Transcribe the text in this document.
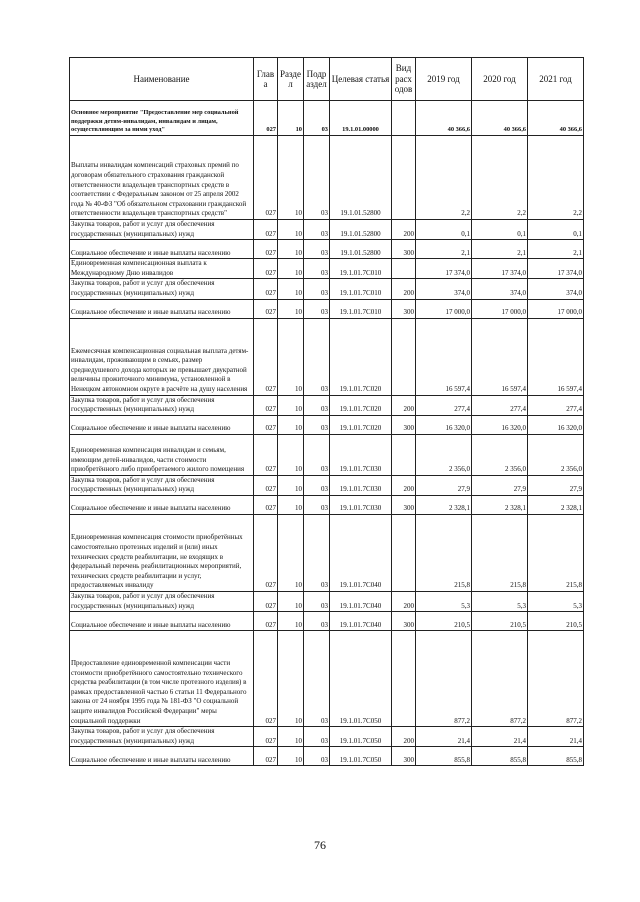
Наименование	Глав а	Разде л	Подр аздел	Целевая статья	Вид расх одов	2019 год	2020 год	2021 год
Основное мероприятие "Предоставление мер социальной поддержки детям-инвалидам, инвалидам и лицам, осуществляющим за ними уход"	027	10	03	19.1.01.00000		40 366,6	40 366,6	40 366,6
Выплаты инвалидам компенсаций страховых премий по договорам обязательного страхования гражданской ответственности владельцев транспортных средств в соответствии с Федеральным законом от 25 апреля 2002 года № 40-ФЗ "Об обязательном страховании гражданской ответственности владельцев транспортных средств"	027	10	03	19.1.01.52800		2,2	2,2	2,2
Закупка товаров, работ и услуг для обеспечения государственных (муниципальных) нужд	027	10	03	19.1.01.52800	200	0,1	0,1	0,1
Социальное обеспечение и иные выплаты населению	027	10	03	19.1.01.52800	300	2,1	2,1	2,1
Единовременная компенсационная выплата к Международному Дню инвалидов	027	10	03	19.1.01.7С010		17 374,0	17 374,0	17 374,0
Закупка товаров, работ и услуг для обеспечения государственных (муниципальных) нужд	027	10	03	19.1.01.7С010	200	374,0	374,0	374,0
Социальное обеспечение и иные выплаты населению	027	10	03	19.1.01.7С010	300	17 000,0	17 000,0	17 000,0
Ежемесячная компенсационная социальная выплата детям-инвалидам, проживающим в семьях, размер среднедушевого дохода которых не превышает двукратной величины прожиточного минимума, установленной в Ненецком автономном округе в расчёте на душу населения	027	10	03	19.1.01.7С020		16 597,4	16 597,4	16 597,4
Закупка товаров, работ и услуг для обеспечения государственных (муниципальных) нужд	027	10	03	19.1.01.7С020	200	277,4	277,4	277,4
Социальное обеспечение и иные выплаты населению	027	10	03	19.1.01.7С020	300	16 320,0	16 320,0	16 320,0
Единовременная компенсация инвалидам и семьям, имеющим детей-инвалидов, части стоимости приобретённого либо приобретаемого жилого помещения	027	10	03	19.1.01.7С030		2 356,0	2 356,0	2 356,0
Закупка товаров, работ и услуг для обеспечения государственных (муниципальных) нужд	027	10	03	19.1.01.7С030	200	27,9	27,9	27,9
Социальное обеспечение и иные выплаты населению	027	10	03	19.1.01.7С030	300	2 328,1	2 328,1	2 328,1
Единовременная компенсация стоимости приобретённых самостоятельно протезных изделий и (или) иных технических средств реабилитации, не входящих в федеральный перечень реабилитационных мероприятий, технических средств реабилитации и услуг, предоставляемых инвалиду	027	10	03	19.1.01.7С040		215,8	215,8	215,8
Закупка товаров, работ и услуг для обеспечения государственных (муниципальных) нужд	027	10	03	19.1.01.7С040	200	5,3	5,3	5,3
Социальное обеспечение и иные выплаты населению	027	10	03	19.1.01.7С040	300	210,5	210,5	210,5
Предоставление единовременной компенсации части стоимости приобретённого самостоятельно технического средства реабилитации (в том числе протезного изделия) в рамках предоставленной частью 6 статьи 11 Федерального закона от 24 ноября 1995 года № 181-ФЗ "О социальной защите инвалидов Российской Федерации" меры социальной поддержки	027	10	03	19.1.01.7С050		877,2	877,2	877,2
Закупка товаров, работ и услуг для обеспечения государственных (муниципальных) нужд	027	10	03	19.1.01.7С050	200	21,4	21,4	21,4
Социальное обеспечение и иные выплаты населению	027	10	03	19.1.01.7С050	300	855,8	855,8	855,8
76
